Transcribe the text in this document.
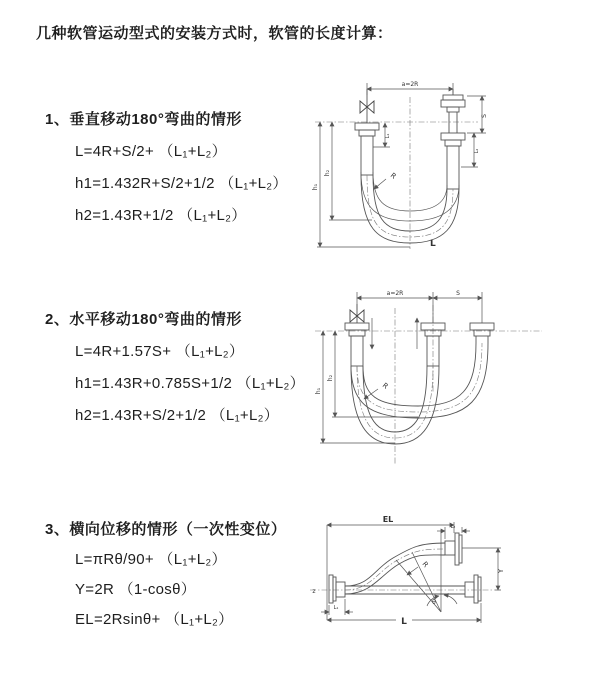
几种软管运动型式的安装方式时，软管的长度计算：
1、垂直移动180°弯曲的情形
L=4R+S/2+ （L₁+L₂）
h1=1.432R+S/2+1/2 （L₁+L₂）
h2=1.43R+1/2 （L₁+L₂）
2、水平移动180°弯曲的情形
L=4R+1.57S+ （L₁+L₂）
h1=1.43R+0.785S+1/2 （L₁+L₂）
h2=1.43R+S/2+1/2 （L₁+L₂）
3、横向位移的情形（一次性变位）
L=πRθ/90+ （L₁+L₂）
Y=2R （1-cosθ）
EL=2Rsinθ+ （L₁+L₂）
a=2R
R
L
h₁
h₂
S
L₂
L₁
a=2R	S
R
h₁
h₂
z
R
θ
EL
L₂
Y
L
L₁
